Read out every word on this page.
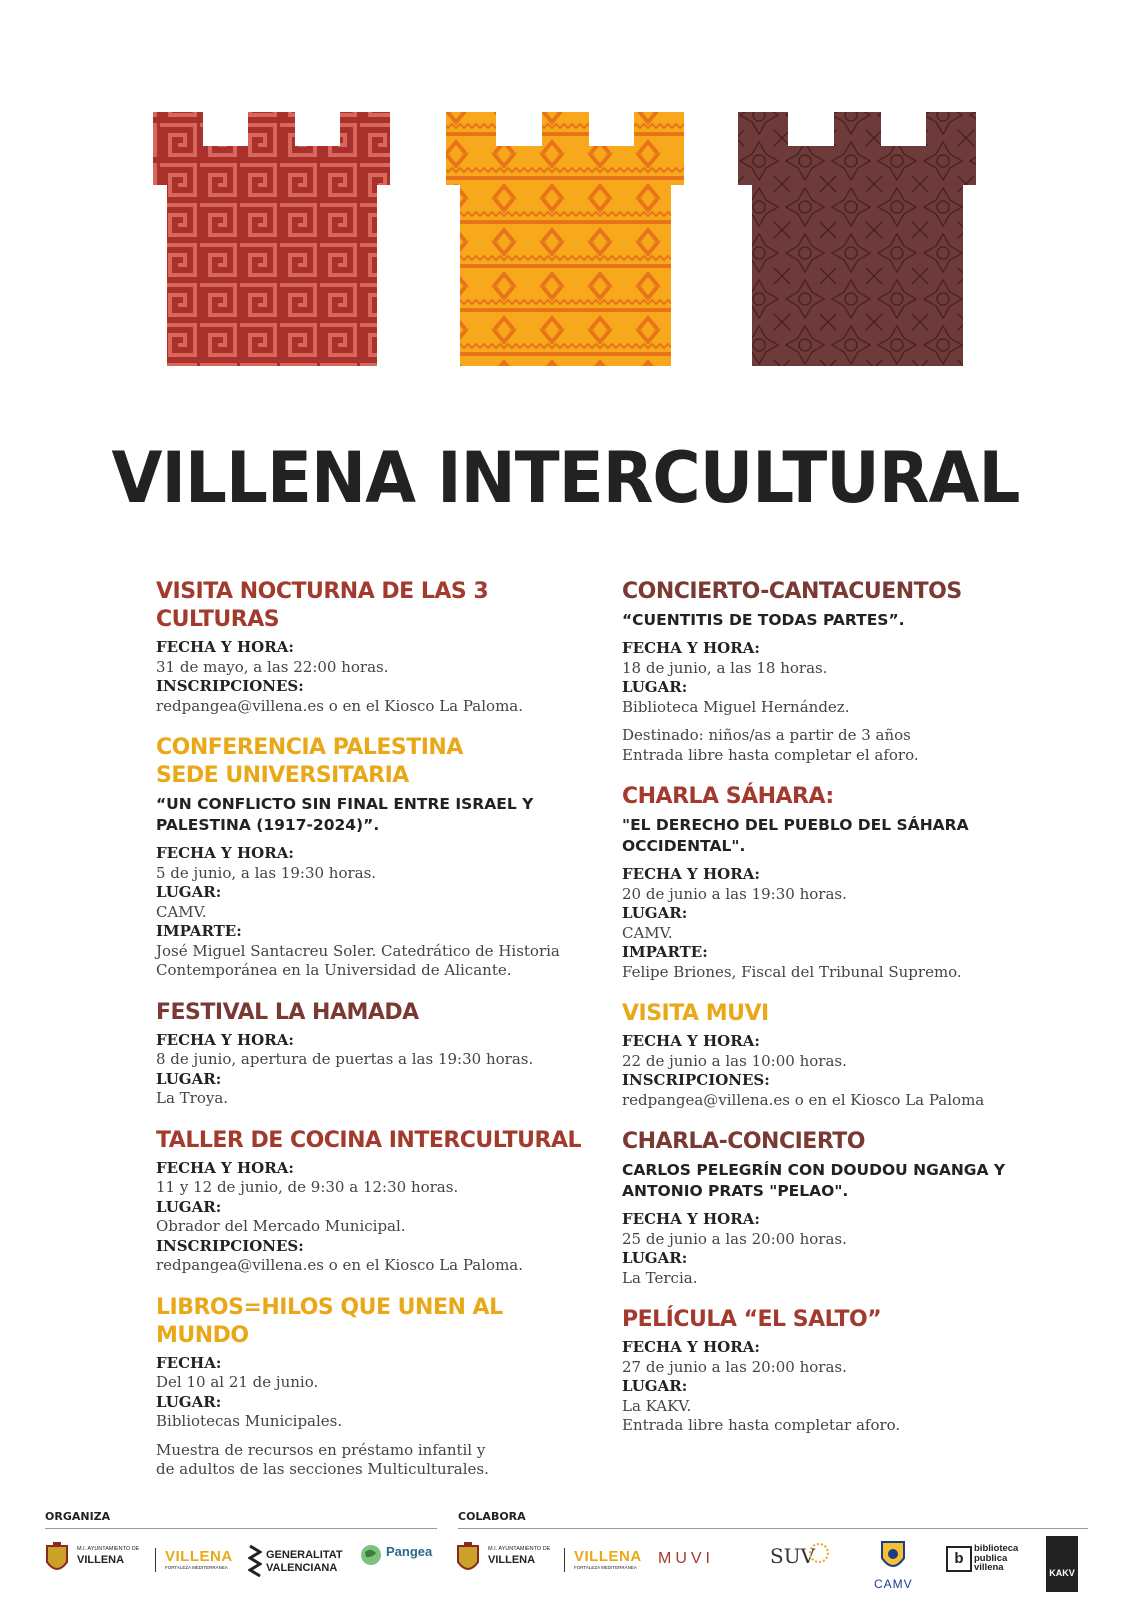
VILLENA INTERCULTURAL
VISITA NOCTURNA DE LAS 3 CULTURAS
FECHA Y HORA:
31 de mayo, a las 22:00 horas.
INSCRIPCIONES:
redpangea@villena.es o en el Kiosco La Paloma.
CONFERENCIA PALESTINA
SEDE UNIVERSITARIA
“UN CONFLICTO SIN FINAL ENTRE ISRAEL Y PALESTINA (1917-2024)”.
FECHA Y HORA:
5 de junio, a las 19:30 horas.
LUGAR:
CAMV.
IMPARTE:
José Miguel Santacreu Soler. Catedrático de Historia Contemporánea en la Universidad de Alicante.
FESTIVAL LA HAMADA
FECHA Y HORA:
8 de junio, apertura de puertas a las 19:30 horas.
LUGAR:
La Troya.
TALLER DE COCINA INTERCULTURAL
FECHA Y HORA:
11 y 12 de junio, de 9:30 a 12:30 horas.
LUGAR:
Obrador del Mercado Municipal.
INSCRIPCIONES:
redpangea@villena.es o en el Kiosco La Paloma.
LIBROS=HILOS QUE UNEN AL MUNDO
FECHA:
Del 10 al 21 de junio.
LUGAR:
Bibliotecas Municipales.
Muestra de recursos en préstamo infantil y
de adultos de las secciones Multiculturales.
CONCIERTO-CANTACUENTOS
“CUENTITIS DE TODAS PARTES”.
FECHA Y HORA:
18 de junio, a las 18 horas.
LUGAR:
Biblioteca Miguel Hernández.
Destinado: niños/as a partir de 3 años
Entrada libre hasta completar el aforo.
CHARLA SÁHARA:
"EL DERECHO DEL PUEBLO DEL SÁHARA OCCIDENTAL".
FECHA Y HORA:
20 de junio a las 19:30 horas.
LUGAR:
CAMV.
IMPARTE:
Felipe Briones, Fiscal del Tribunal Supremo.
VISITA MUVI
FECHA Y HORA:
22 de junio a las 10:00 horas.
INSCRIPCIONES:
redpangea@villena.es o en el Kiosco La Paloma
CHARLA-CONCIERTO
CARLOS PELEGRÍN CON DOUDOU NGANGA Y ANTONIO PRATS "PELAO".
FECHA Y HORA:
25 de junio a las 20:00 horas.
LUGAR:
La Tercia.
PELÍCULA “EL SALTO”
FECHA Y HORA:
27 de junio a las 20:00 horas.
LUGAR:
La KAKV.
Entrada libre hasta completar aforo.
ORGANIZA	COLABORA
M.I. AYUNTAMIENTO DE
VILLENA	VILLENA
FORTALEZA MEDITERRÁNEA
GENERALITAT
VALENCIANA
Pangea	M.I. AYUNTAMIENTO DE
VILLENA	VILLENA
FORTALEZA MEDITERRÁNEA
MUVI	SUV
CAMV
b
biblioteca
publica
villena	KAKV
